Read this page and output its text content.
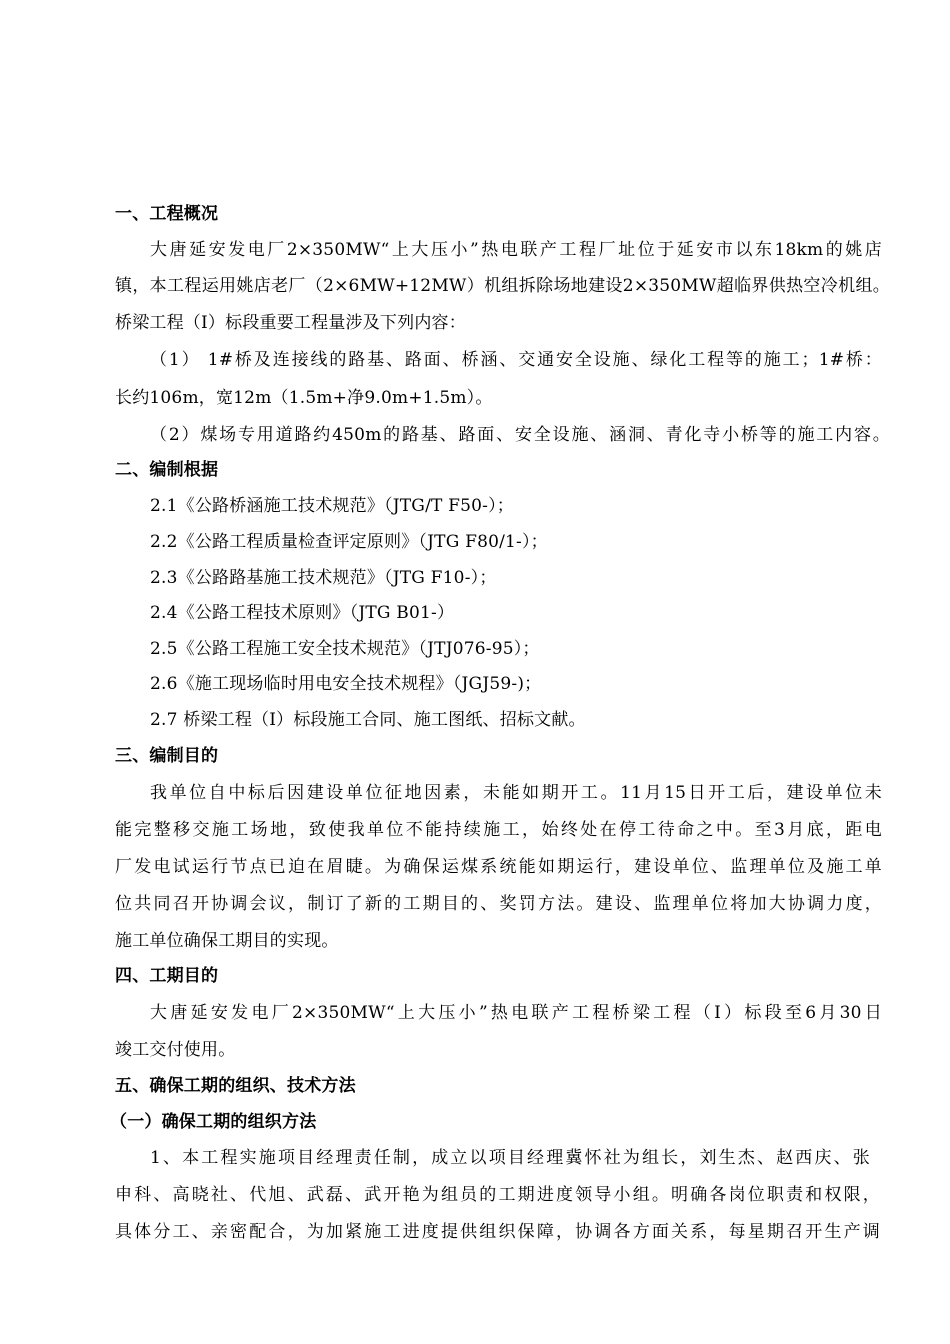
一、工程概况
大唐延安发电厂2×350MW“上大压小”热电联产工程厂址位于延安市以东18km的姚店
镇，本工程运用姚店老厂（2×6MW+12MW）机组拆除场地建设2×350MW超临界供热空冷机组。
桥梁工程（Ⅰ）标段重要工程量涉及下列内容：
（1） 1#桥及连接线的路基、路面、桥涵、交通安全设施、绿化工程等的施工；1#桥：
长约106m，宽12m（1.5m+净9.0m+1.5m）。
（2）煤场专用道路约450m的路基、路面、安全设施、涵洞、青化寺小桥等的施工内容。
二、编制根据
2.1《公路桥涵施工技术规范》（JTG/T F50-）；
2.2《公路工程质量检查评定原则》（JTG F80/1-）；
2.3《公路路基施工技术规范》（JTG F10-）；
2.4《公路工程技术原则》（JTG B01-）
2.5《公路工程施工安全技术规范》（JTJ076-95）；
2.6《施工现场临时用电安全技术规程》（JGJ59-)；
2.7 桥梁工程（Ⅰ）标段施工合同、施工图纸、招标文献。
三、编制目的
我单位自中标后因建设单位征地因素，未能如期开工。11月15日开工后，建设单位未
能完整移交施工场地，致使我单位不能持续施工，始终处在停工待命之中。至3月底，距电
厂发电试运行节点已迫在眉睫。为确保运煤系统能如期运行，建设单位、监理单位及施工单
位共同召开协调会议，制订了新的工期目的、奖罚方法。建设、监理单位将加大协调力度，
施工单位确保工期目的实现。
四、工期目的
大唐延安发电厂2×350MW“上大压小”热电联产工程桥梁工程（Ⅰ）标段至6月30日
竣工交付使用。
五、确保工期的组织、技术方法
（一）确保工期的组织方法
1、本工程实施项目经理责任制，成立以项目经理冀怀社为组长，刘生杰、赵西庆、张
申科、高晓社、代旭、武磊、武开艳为组员的工期进度领导小组。明确各岗位职责和权限，
具体分工、亲密配合，为加紧施工进度提供组织保障，协调各方面关系，每星期召开生产调
